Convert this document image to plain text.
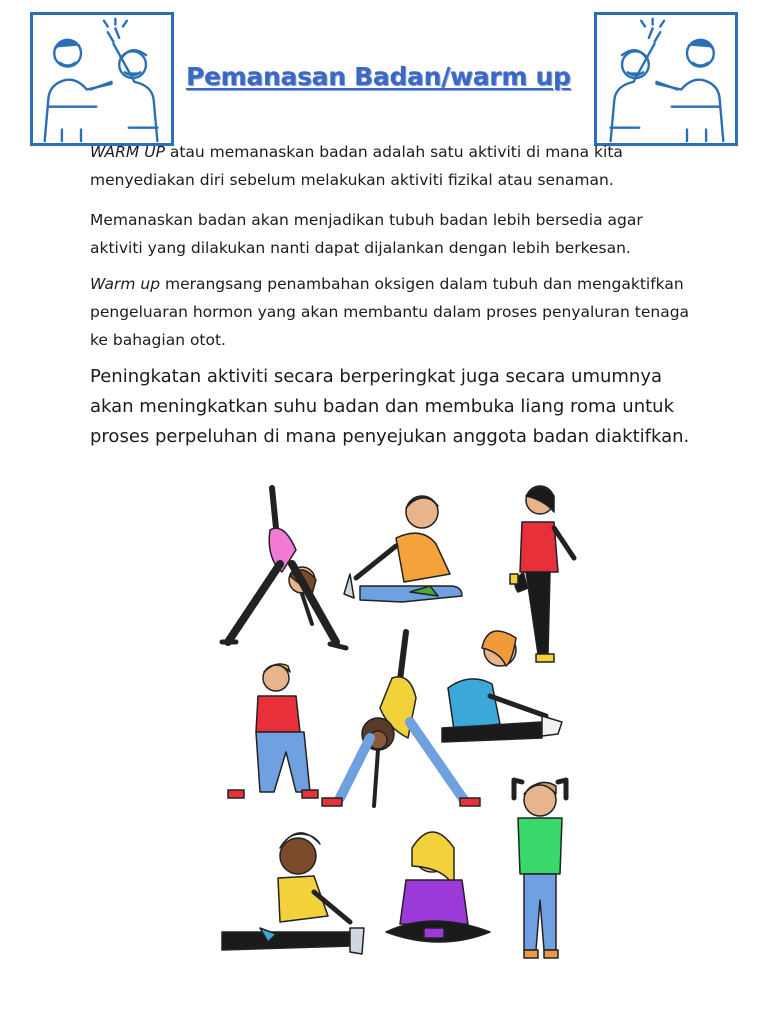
Pemanasan Badan/warm up

WARM UP atau memanaskan badan adalah satu aktiviti di mana kita menyediakan diri sebelum melakukan aktiviti fizikal atau senaman.

Memanaskan badan akan menjadikan tubuh badan lebih bersedia agar aktiviti yang dilakukan nanti dapat dijalankan dengan lebih berkesan.

Warm up merangsang penambahan oksigen dalam tubuh dan mengaktifkan pengeluaran hormon yang akan membantu dalam proses penyaluran tenaga ke bahagian otot.

Peningkatan aktiviti secara berperingkat juga secara umumnya akan meningkatkan suhu badan dan membuka liang roma untuk proses perpeluhan di mana penyejukan anggota badan diaktifkan.
